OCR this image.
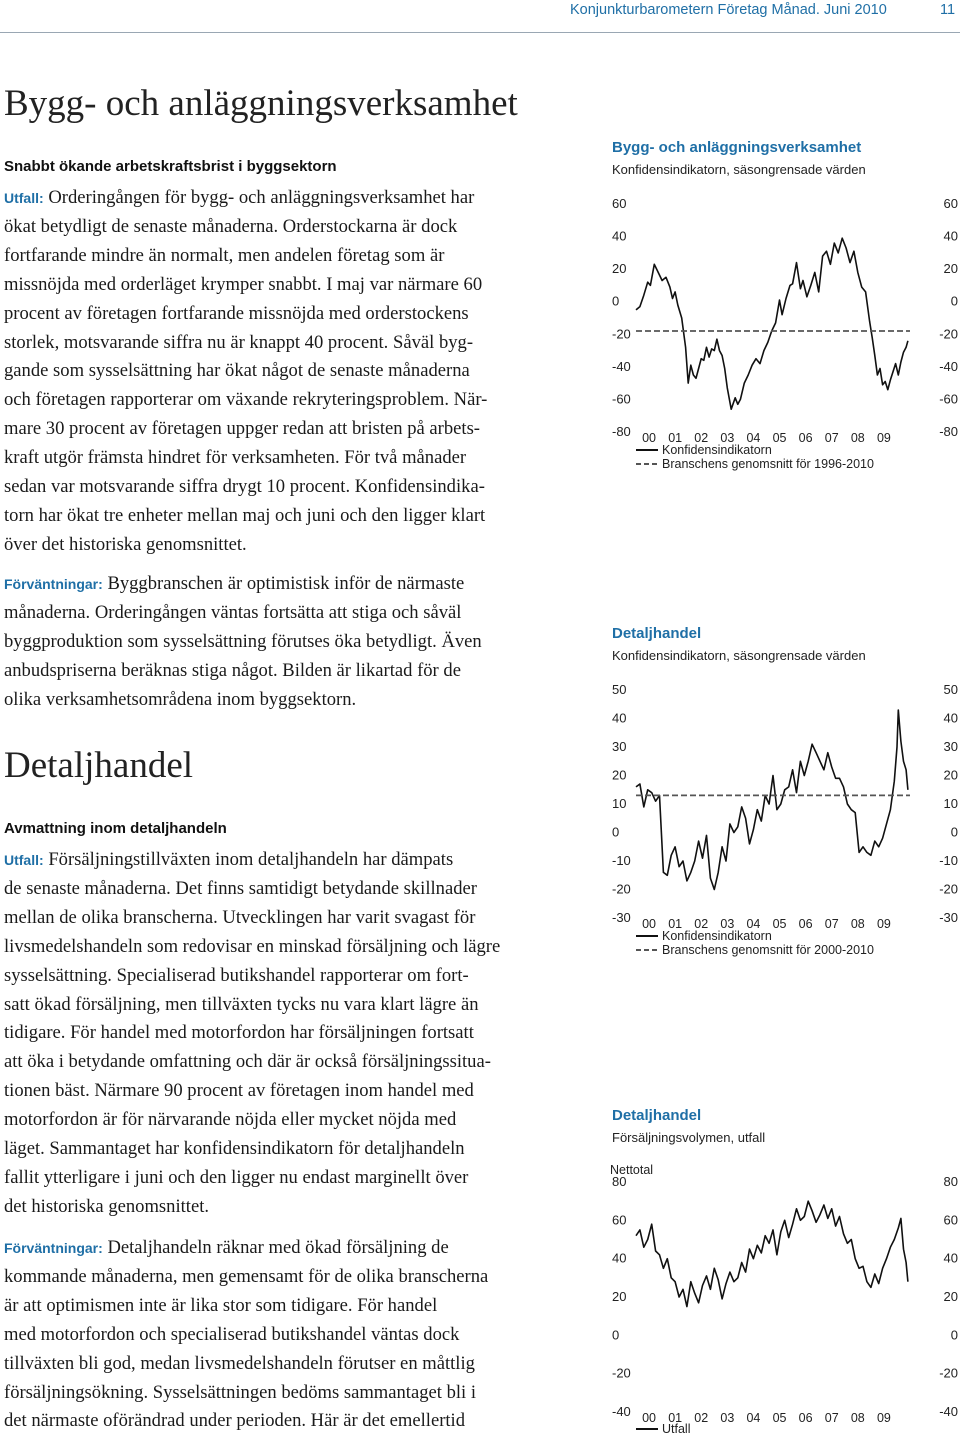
Konjunkturbarometern Företag Månad. Juni 2010	11
Bygg- och anläggningsverksamhet
Snabbt ökande arbetskraftsbrist i byggsektorn
Utfall: Orderingången för bygg- och anläggningsverksamhet har
ökat betydligt de senaste månaderna. Orderstockarna är dock
fortfarande mindre än normalt, men andelen företag som är
missnöjda med orderläget krymper snabbt. I maj var närmare 60
procent av företagen fortfarande missnöjda med orderstockens
storlek, motsvarande siffra nu är knappt 40 procent. Såväl byg-
gande som sysselsättning har ökat något de senaste månaderna
och företagen rapporterar om växande rekryteringsproblem. När-
mare 30 procent av företagen uppger redan att bristen på arbets-
kraft utgör främsta hindret för verksamheten. För två månader
sedan var motsvarande siffra drygt 10 procent. Konfidensindika-
torn har ökat tre enheter mellan maj och juni och den ligger klart
över det historiska genomsnittet.
Förväntningar: Byggbranschen är optimistisk inför de närmaste
månaderna. Orderingången väntas fortsätta att stiga och såväl
byggproduktion som sysselsättning förutses öka betydligt. Även
anbudspriserna beräknas stiga något. Bilden är likartad för de
olika verksamhetsområdena inom byggsektorn.
Detaljhandel
Avmattning inom detaljhandeln
Utfall: Försäljningstillväxten inom detaljhandeln har dämpats
de senaste månaderna. Det finns samtidigt betydande skillnader
mellan de olika branscherna. Utvecklingen har varit svagast för
livsmedelshandeln som redovisar en minskad försäljning och lägre
sysselsättning. Specialiserad butikshandel rapporterar om fort-
satt ökad försäljning, men tillväxten tycks nu vara klart lägre än
tidigare. För handel med motorfordon har försäljningen fortsatt
att öka i betydande omfattning och där är också försäljningssitua-
tionen bäst. Närmare 90 procent av företagen inom handel med
motorfordon är för närvarande nöjda eller mycket nöjda med
läget. Sammantaget har konfidensindikatorn för detaljhandeln
fallit ytterligare i juni och den ligger nu endast marginellt över
det historiska genomsnittet.
Förväntningar: Detaljhandeln räknar med ökad försäljning de
kommande månaderna, men gemensamt för de olika branscherna
är att optimismen inte är lika stor som tidigare. För handel
med motorfordon och specialiserad butikshandel väntas dock
tillväxten bli god, medan livsmedelshandeln förutser en måttlig
försäljningsökning. Sysselsättningen bedöms sammantaget bli i
det närmaste oförändrad under perioden. Här är det emellertid
Bygg- och anläggningsverksamhet
Konfidensindikatorn, säsongrensade värden
60	60
40	40
20	20
0	0
-20	-20
-40	-40
-60	-60
-80	-80
00 01 02 03 04 05 06 07 08 09
Konfidensindikatorn
Branschens genomsnitt för 1996-2010
Detaljhandel
Konfidensindikatorn, säsongrensade värden
50	50
40	40
30	30
20	20
10	10
0	0
-10	-10
-20	-20
-30	-30
00 01 02 03 04 05 06 07 08 09
Konfidensindikatorn
Branschens genomsnitt för 2000-2010
Detaljhandel
Försäljningsvolymen, utfall
Nettotal
80	80
60	60
40	40
20	20
0	0
-20	-20
-40	-40
00 01 02 03 04 05 06 07 08 09
Utfall
